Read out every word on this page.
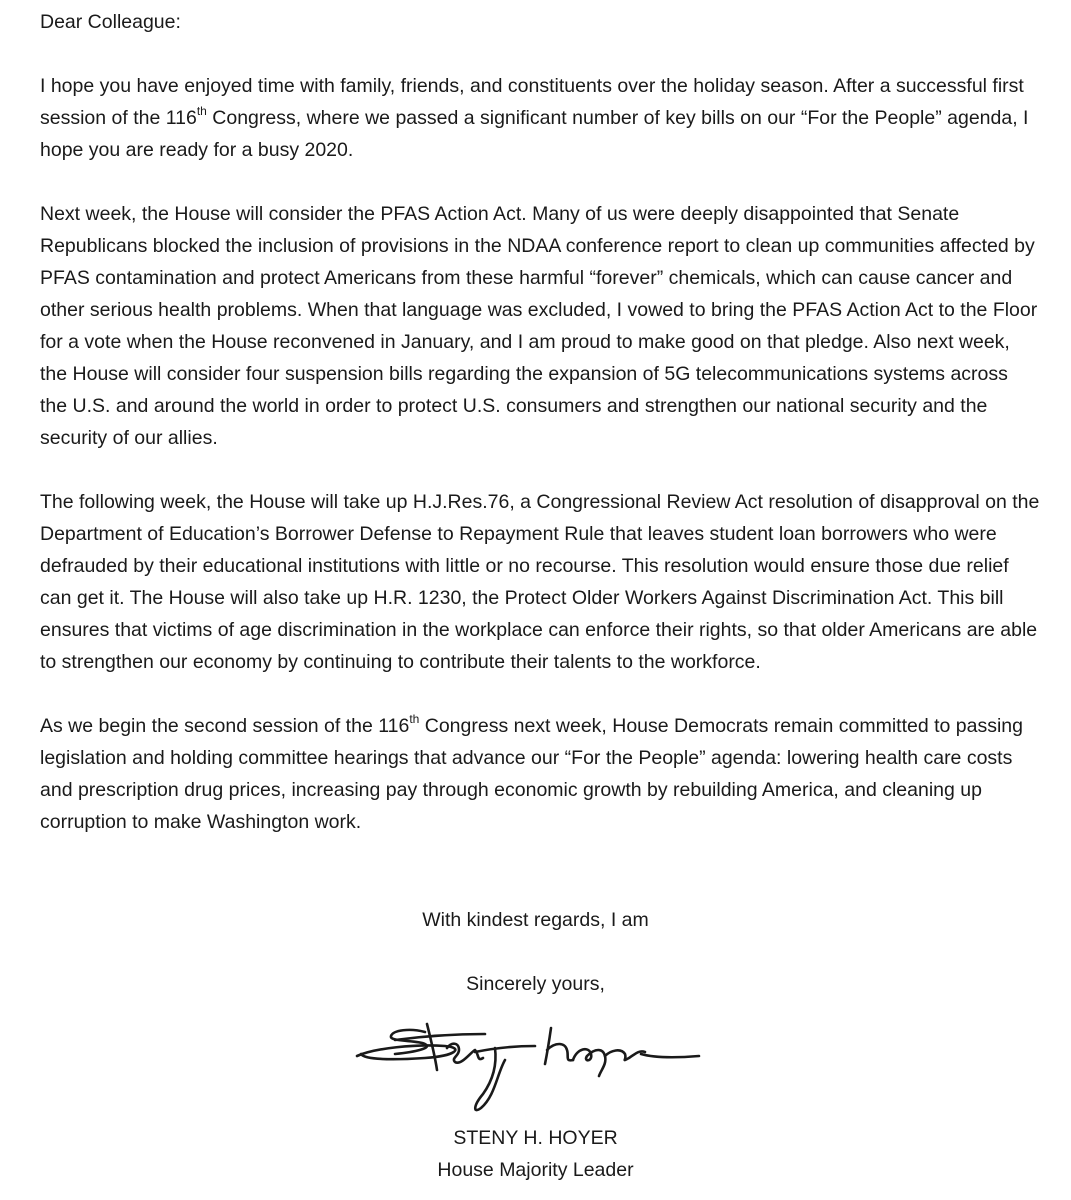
Dear Colleague:

I hope you have enjoyed time with family, friends, and constituents over the holiday season. After a successful first session of the 116th Congress, where we passed a significant number of key bills on our “For the People” agenda, I hope you are ready for a busy 2020.

Next week, the House will consider the PFAS Action Act. Many of us were deeply disappointed that Senate Republicans blocked the inclusion of provisions in the NDAA conference report to clean up communities affected by PFAS contamination and protect Americans from these harmful “forever” chemicals, which can cause cancer and other serious health problems. When that language was excluded, I vowed to bring the PFAS Action Act to the Floor for a vote when the House reconvened in January, and I am proud to make good on that pledge. Also next week, the House will consider four suspension bills regarding the expansion of 5G telecommunications systems across the U.S. and around the world in order to protect U.S. consumers and strengthen our national security and the security of our allies.

The following week, the House will take up H.J.Res.76, a Congressional Review Act resolution of disapproval on the Department of Education’s Borrower Defense to Repayment Rule that leaves student loan borrowers who were defrauded by their educational institutions with little or no recourse. This resolution would ensure those due relief can get it. The House will also take up H.R. 1230, the Protect Older Workers Against Discrimination Act. This bill ensures that victims of age discrimination in the workplace can enforce their rights, so that older Americans are able to strengthen our economy by continuing to contribute their talents to the workforce.

As we begin the second session of the 116th Congress next week, House Democrats remain committed to passing legislation and holding committee hearings that advance our “For the People” agenda: lowering health care costs and prescription drug prices, increasing pay through economic growth by rebuilding America, and cleaning up corruption to make Washington work.

With kindest regards, I am

Sincerely yours,

STENY H. HOYER

House Majority Leader
